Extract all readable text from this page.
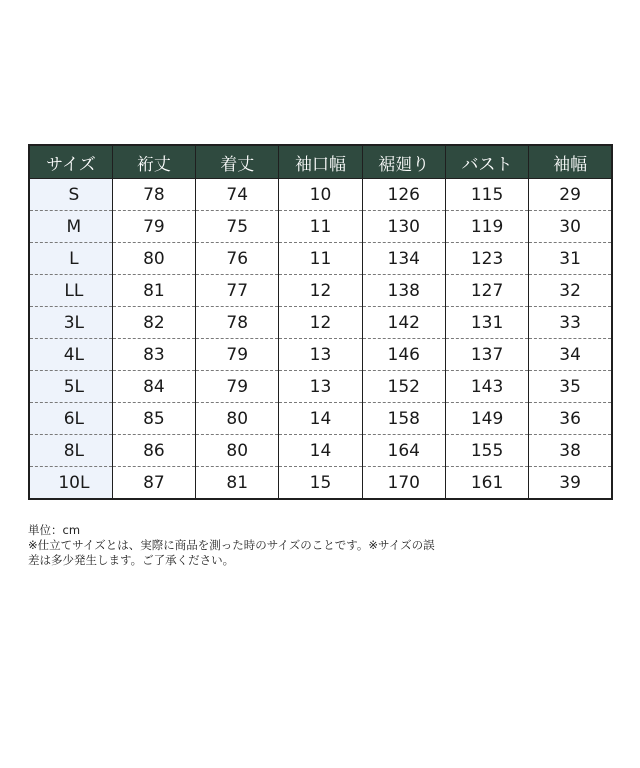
サイズ	裄丈	着丈	袖口幅	裾廻り	バスト	袖幅
S	78	74	10	126	115	29
M	79	75	11	130	119	30
L	80	76	11	134	123	31
LL	81	77	12	138	127	32
3L	82	78	12	142	131	33
4L	83	79	13	146	137	34
5L	84	79	13	152	143	35
6L	85	80	14	158	149	36
8L	86	80	14	164	155	38
10L	87	81	15	170	161	39

単位：cm

※仕立てサイズとは、実際に商品を測った時のサイズのことです。※サイズの誤

差は多少発生します。ご了承ください。
